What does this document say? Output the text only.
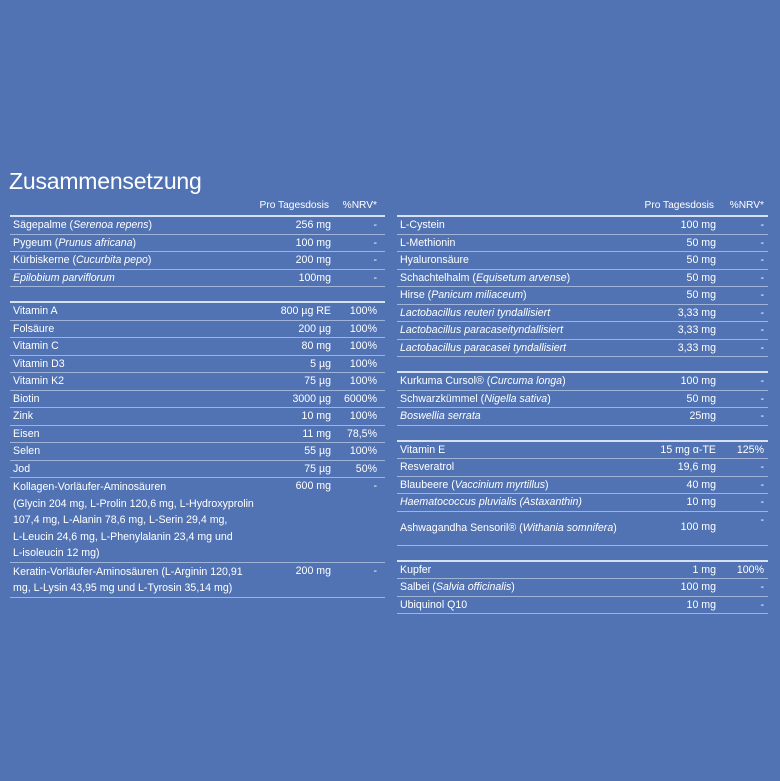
Zusammensetzung
Pro Tagesdosis %NRV*
Sägepalme (Serenoa repens)	256 mg	-
Pygeum (Prunus africana)	100 mg	-
Kürbiskerne (Cucurbita pepo)	200 mg	-
Epilobium parviflorum	100mg	-
Vitamin A	800 µg RE 100%
Folsäure	200 µg 100%
Vitamin C	80 mg 100%
Vitamin D3	5 µg 100%
Vitamin K2	75 µg 100%
Biotin	3000 µg 6000%
Zink	10 mg 100%
Eisen	11 mg 78,5%
Selen	55 µg 100%
Jod	75 µg 50%
Kollagen-Vorläufer-Aminosäuren
(Glycin 204 mg, L-Prolin 120,6 mg, L-Hydroxyprolin
107,4 mg, L-Alanin 78,6 mg, L-Serin 29,4 mg,
L-Leucin 24,6 mg, L-Phenylalanin 23,4 mg und
L-isoleucin 12 mg)
600 mg	-
Keratin-Vorläufer-Aminosäuren (L-Arginin 120,91
mg, L-Lysin 43,95 mg und L-Tyrosin 35,14 mg)
200 mg	-
Pro Tagesdosis %NRV*
L-Cystein	100 mg	-
L-Methionin	50 mg	-
Hyaluronsäure	50 mg	-
Schachtelhalm (Equisetum arvense)	50 mg	-
Hirse (Panicum miliaceum)	50 mg	-
Lactobacillus reuteri tyndallisiert	3,33 mg	-
Lactobacillus paracaseityndallisiert	3,33 mg	-
Lactobacillus paracasei tyndallisiert	3,33 mg	-
Kurkuma Cursol® (Curcuma longa)	100 mg	-
Schwarzkümmel (Nigella sativa)	50 mg	-
Boswellia serrata	25mg	-
Vitamin E	15 mg α-TE 125%
Resveratrol	19,6 mg	-
Blaubeere (Vaccinium myrtillus)	40 mg	-
Haematococcus pluvialis (Astaxanthin)	10 mg	-
Ashwagandha Sensoril® (Withania somnifera)	100 mg
-
Kupfer	1 mg 100%
Salbei (Salvia officinalis)	100 mg	-
Ubiquinol Q10	10 mg	-
